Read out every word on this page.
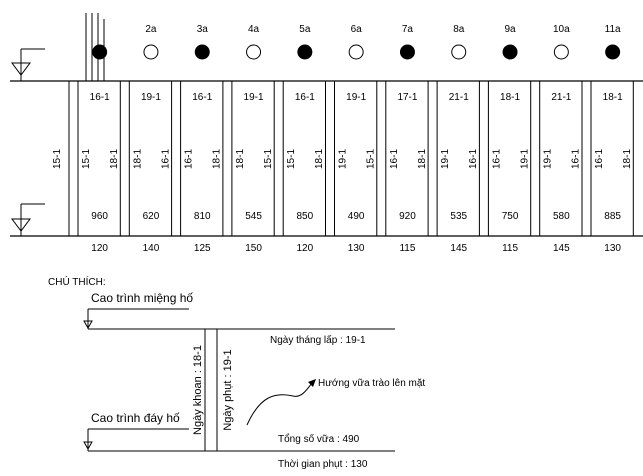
15-1
16-1
15-1 18-1
960
120
2a
19-1
18-1 16-1
620
140
3a
16-1
16-1 18-1
810
125
4a
19-1
18-1 15-1
545
150
5a
16-1
15-1 18-1
850
120
6a
19-1
19-1 15-1
490
130
7a
17-1
16-1 18-1
920
115
8a
21-1
19-1 16-1
535
145
9a
18-1
16-1 19-1
750
115
10a
21-1
19-1 16-1
580
145
11a
18-1
16-1 18-1
885
130
CHÚ THÍCH:
Cao trình miệng hố
Cao trình đáy hố Ngày khoan : 18-1 Ngày phụt : 19-1
Ngày tháng lấp : 19-1
Hướng vữa trào lên mặt
Tổng số vữa : 490
Thời gian phụt : 130
